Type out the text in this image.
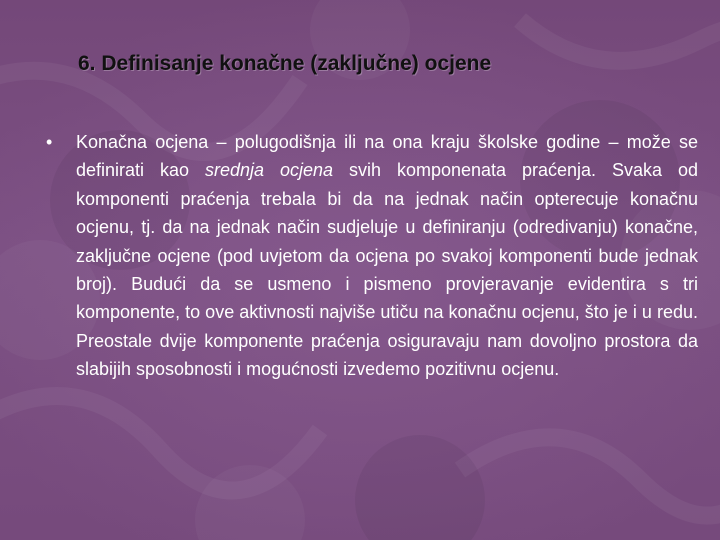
6. Definisanje konačne (zaključne) ocjene
• Konačna ocjena – polugodišnja ili na ona kraju školske godine – može se definirati kao srednja ocjena svih komponenata praćenja. Svaka od komponenti praćenja trebala bi da na jednak način opterecuje konačnu ocjenu, tj. da na jednak način sudjeluje u definiranju (odredivanju) konačne, zaključne ocjene (pod uvjetom da ocjena po svakoj komponenti bude jednak broj). Budući da se usmeno i pismeno provjeravanje evidentira s tri komponente, to ove aktivnosti najviše utiču na konačnu ocjenu, što je i u redu. Preostale dvije komponente praćenja osiguravaju nam dovoljno prostora da slabijih sposobnosti i mogućnosti izvedemo pozitivnu ocjenu.
